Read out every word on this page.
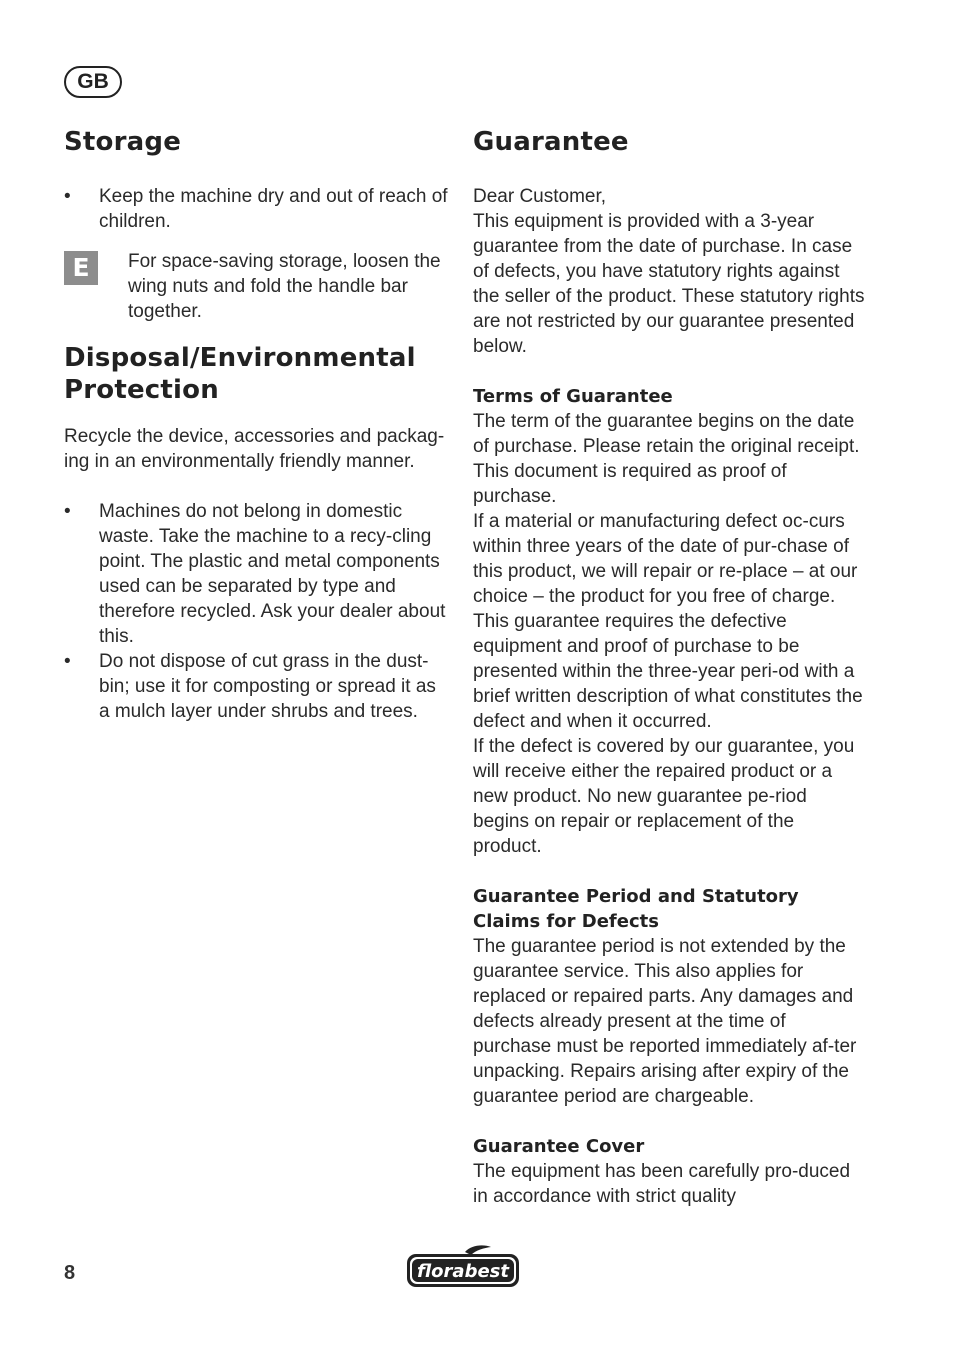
GB
Storage
• Keep the machine dry and out of reach of children.
E	For space-saving storage, loosen the wing nuts and fold the handle bar together.

Disposal/Environmental Protection

Recycle the device, accessories and packag-ing in an environmentally friendly manner.

• Machines do not belong in domestic waste. Take the machine to a recy-cling point. The plastic and metal components used can be separated by type and therefore recycled. Ask your dealer about this.
• Do not dispose of cut grass in the dust-bin; use it for composting or spread it as a mulch layer under shrubs and trees.
Guarantee

Dear Customer,

This equipment is provided with a 3-year guarantee from the date of purchase. In case of defects, you have statutory rights against the seller of the product. These statutory rights are not restricted by our guarantee presented below.

Terms of Guarantee

The term of the guarantee begins on the date of purchase. Please retain the original receipt. This document is required as proof of purchase.

If a material or manufacturing defect oc-curs within three years of the date of pur-chase of this product, we will repair or re-place – at our choice – the product for you free of charge. This guarantee requires the defective equipment and proof of purchase to be presented within the three-year peri-od with a brief written description of what constitutes the defect and when it occurred.

If the defect is covered by our guarantee, you will receive either the repaired product or a new product. No new guarantee pe-riod begins on repair or replacement of the product.

Guarantee Period and Statutory Claims for Defects

The guarantee period is not extended by the guarantee service. This also applies for replaced or repaired parts. Any damages and defects already present at the time of purchase must be reported immediately af-ter unpacking. Repairs arising after expiry of the guarantee period are chargeable.

Guarantee Cover

The equipment has been carefully pro-duced in accordance with strict quality

8	florabest
